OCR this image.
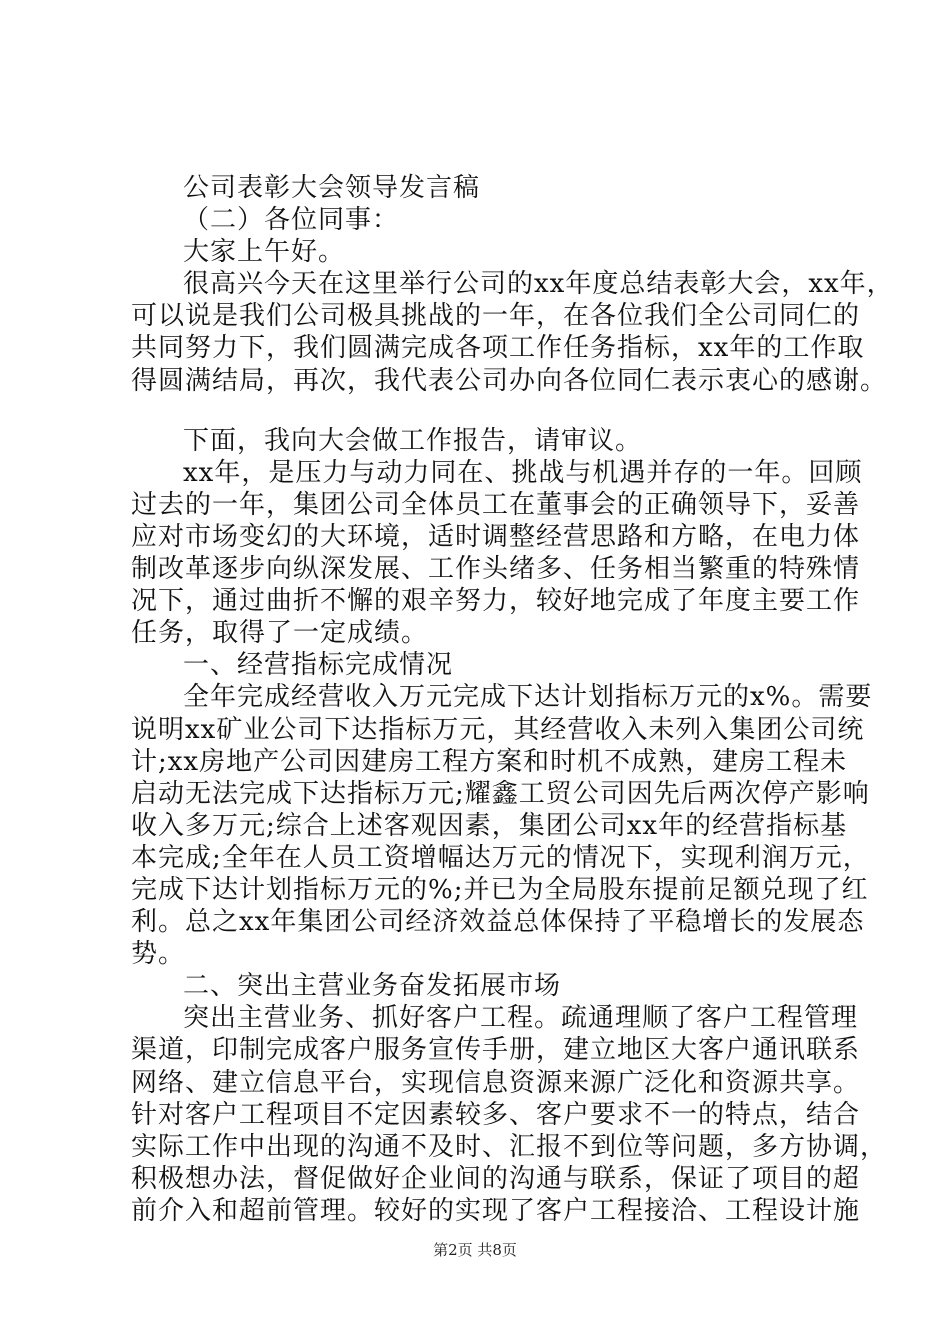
公司表彰大会领导发言稿
（二）各位同事：
大家上午好。
很高兴今天在这里举行公司的xx年度总结表彰大会，xx年，
可以说是我们公司极具挑战的一年，在各位我们全公司同仁的
共同努力下，我们圆满完成各项工作任务指标，xx年的工作取
得圆满结局，再次，我代表公司办向各位同仁表示衷心的感谢。
下面，我向大会做工作报告，请审议。
xx年，是压力与动力同在、挑战与机遇并存的一年。回顾
过去的一年，集团公司全体员工在董事会的正确领导下，妥善
应对市场变幻的大环境，适时调整经营思路和方略，在电力体
制改革逐步向纵深发展、工作头绪多、任务相当繁重的特殊情
况下，通过曲折不懈的艰辛努力，较好地完成了年度主要工作
任务，取得了一定成绩。
一、经营指标完成情况
全年完成经营收入万元完成下达计划指标万元的x%。需要
说明xx矿业公司下达指标万元，其经营收入未列入集团公司统
计;xx房地产公司因建房工程方案和时机不成熟，建房工程未
启动无法完成下达指标万元;耀鑫工贸公司因先后两次停产影响
收入多万元;综合上述客观因素，集团公司xx年的经营指标基
本完成;全年在人员工资增幅达万元的情况下，实现利润万元，
完成下达计划指标万元的%;并已为全局股东提前足额兑现了红
利。总之xx年集团公司经济效益总体保持了平稳增长的发展态
势。
二、突出主营业务奋发拓展市场
突出主营业务、抓好客户工程。疏通理顺了客户工程管理
渠道，印制完成客户服务宣传手册，建立地区大客户通讯联系
网络、建立信息平台，实现信息资源来源广泛化和资源共享。
针对客户工程项目不定因素较多、客户要求不一的特点，结合
实际工作中出现的沟通不及时、汇报不到位等问题，多方协调，
积极想办法，督促做好企业间的沟通与联系，保证了项目的超
前介入和超前管理。较好的实现了客户工程接洽、工程设计施
第2页 共8页
